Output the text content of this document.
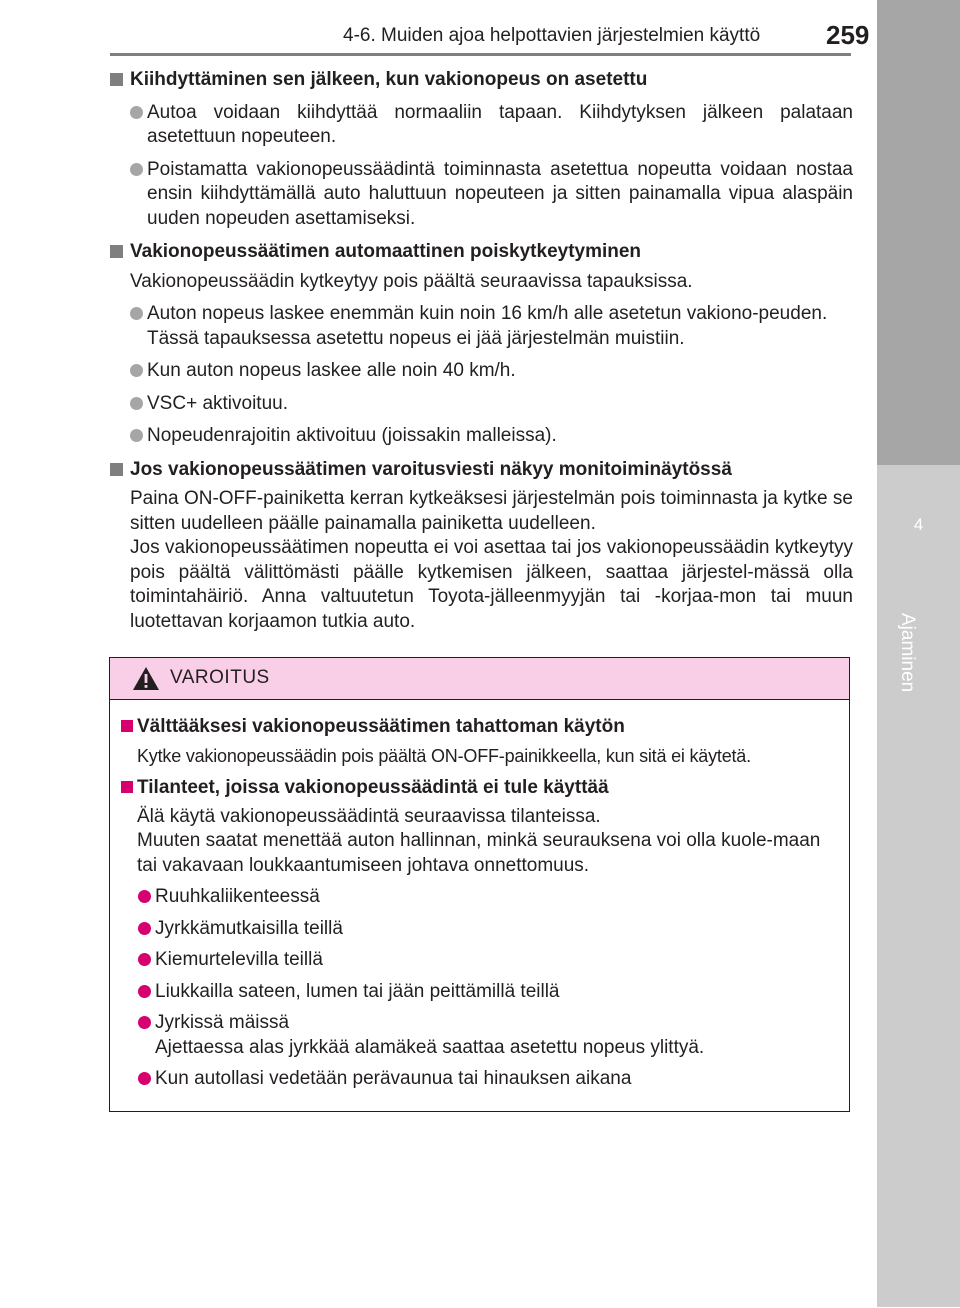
4-6. Muiden ajoa helpottavien järjestelmien käyttö	259
4
Ajaminen
Kiihdyttäminen sen jälkeen, kun vakionopeus on asetettu
Autoa voidaan kiihdyttää normaaliin tapaan. Kiihdytyksen jälkeen palataan asetettuun nopeuteen.
Poistamatta vakionopeussäädintä toiminnasta asetettua nopeutta voidaan nostaa ensin kiihdyttämällä auto haluttuun nopeuteen ja sitten painamalla vipua alaspäin uuden nopeuden asettamiseksi.
Vakionopeussäätimen automaattinen poiskytkeytyminen
Vakionopeussäädin kytkeytyy pois päältä seuraavissa tapauksissa.
Auton nopeus laskee enemmän kuin noin 16 km/h alle asetetun vakiono-peuden.
Tässä tapauksessa asetettu nopeus ei jää järjestelmän muistiin.
Kun auton nopeus laskee alle noin 40 km/h.
VSC+ aktivoituu.
Nopeudenrajoitin aktivoituu (joissakin malleissa).
Jos vakionopeussäätimen varoitusviesti näkyy monitoiminäytössä
Paina ON-OFF-painiketta kerran kytkeäksesi järjestelmän pois toiminnasta ja kytke se sitten uudelleen päälle painamalla painiketta uudelleen.
Jos vakionopeussäätimen nopeutta ei voi asettaa tai jos vakionopeussäädin kytkeytyy pois päältä välittömästi päälle kytkemisen jälkeen, saattaa järjestel-mässä olla toimintahäiriö. Anna valtuutetun Toyota-jälleenmyyjän tai -korjaa-mon tai muun luotettavan korjaamon tutkia auto.
VAROITUS
Välttääksesi vakionopeussäätimen tahattoman käytön
Kytke vakionopeussäädin pois päältä ON-OFF-painikkeella, kun sitä ei käytetä.
Tilanteet, joissa vakionopeussäädintä ei tule käyttää
Älä käytä vakionopeussäädintä seuraavissa tilanteissa.
Muuten saatat menettää auton hallinnan, minkä seurauksena voi olla kuole-maan tai vakavaan loukkaantumiseen johtava onnettomuus.
Ruuhkaliikenteessä
Jyrkkämutkaisilla teillä
Kiemurtelevilla teillä
Liukkailla sateen, lumen tai jään peittämillä teillä
Jyrkissä mäissä
Ajettaessa alas jyrkkää alamäkeä saattaa asetettu nopeus ylittyä.
Kun autollasi vedetään perävaunua tai hinauksen aikana
